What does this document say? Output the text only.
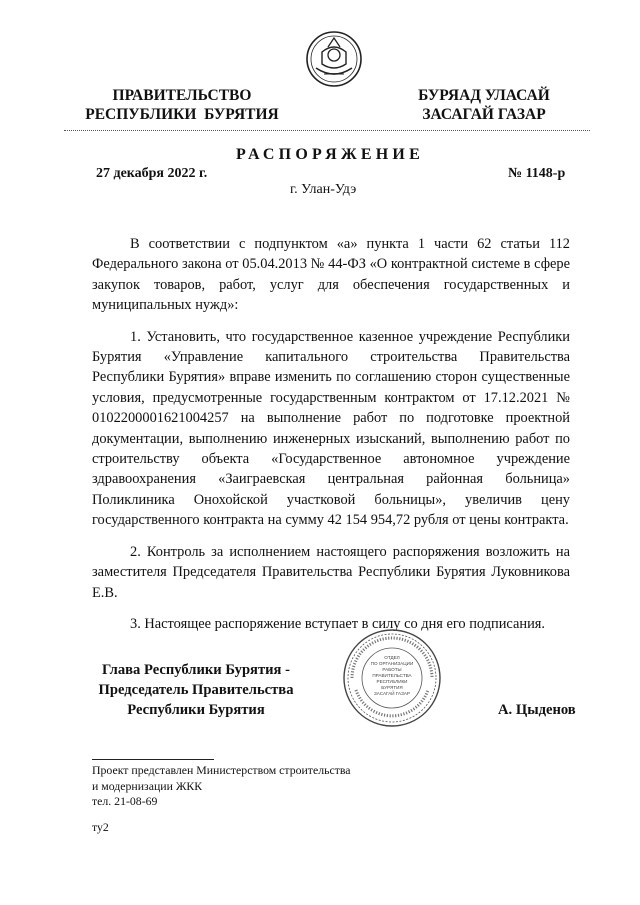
ПРАВИТЕЛЬСТВО
РЕСПУБЛИКИ  БУРЯТИЯ
БУРЯАД УЛАСАЙ
ЗАСАГАЙ ГАЗАР
РАСПОРЯЖЕНИЕ
27 декабря 2022 г.	№ 1148-р
г. Улан-Удэ

В соответствии с подпунктом «а» пункта 1 части 62 статьи 112 Федерального закона от 05.04.2013 № 44-ФЗ «О контрактной системе в сфере закупок товаров, работ, услуг для обеспечения государственных и муниципальных нужд»:

1. Установить, что государственное казенное учреждение Республики Бурятия «Управление капитального строительства Правительства Республики Бурятия» вправе изменить по соглашению сторон существенные условия, предусмотренные государственным контрактом от 17.12.2021 № 0102200001621004257 на выполнение работ по подготовке проектной документации, выполнению инженерных изысканий, выполнению работ по строительству объекта «Государственное автономное учреждение здравоохранения «Заиграевская центральная районная больница» Поликлиника Онохойской участковой больницы», увеличив цену государственного контракта на сумму 42 154 954,72 рубля от цены контракта.

2. Контроль за исполнением настоящего распоряжения возложить на заместителя Председателя Правительства Республики Бурятия Луковникова Е.В.

3. Настоящее распоряжение вступает в силу со дня его подписания.

Глава Республики Бурятия -
Председатель Правительства
Республики Бурятия
ОТДЕЛ
ПО ОРГАНИЗАЦИИ
РАБОТЫ
ПРАВИТЕЛЬСТВА
РЕСПУБЛИКИ
БУРЯТИЯ
ЗАСАГАЙ ГАЗАР
А. Цыденов
Проект представлен Министерством строительства
и модернизации ЖКК
тел. 21-08-69
ту2
